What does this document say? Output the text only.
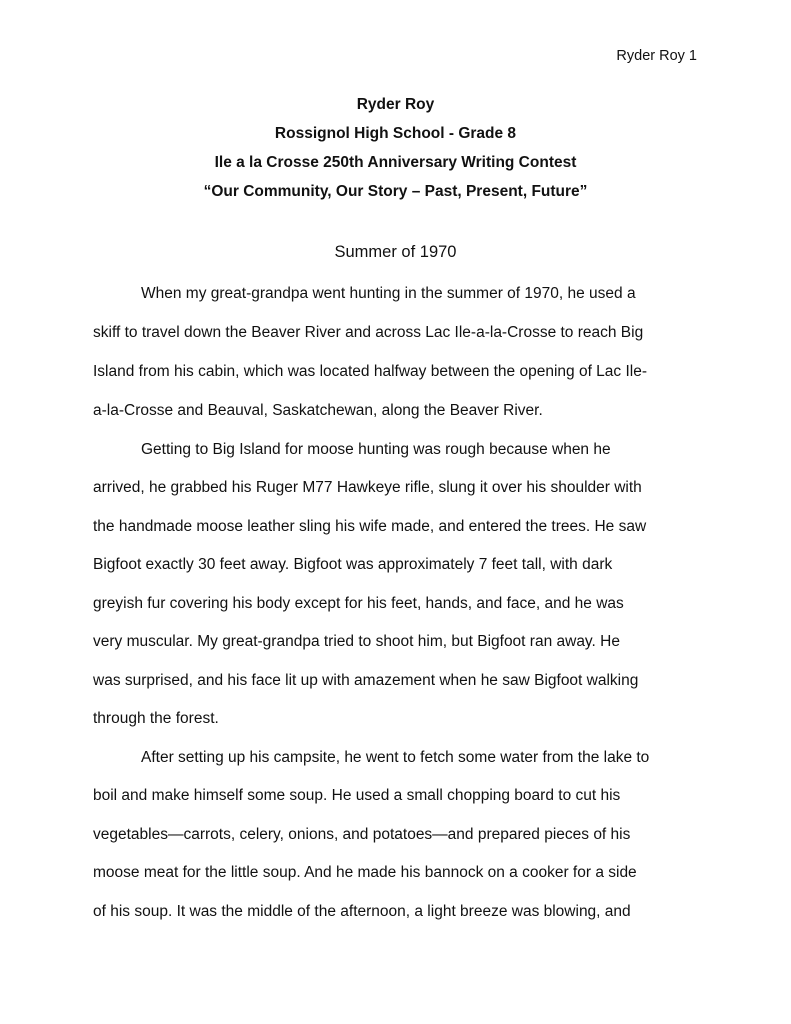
Ryder Roy 1
Ryder Roy
Rossignol High School - Grade 8
Ile a la Crosse 250th Anniversary Writing Contest
“Our Community, Our Story – Past, Present, Future”
Summer of 1970
When my great-grandpa went hunting in the summer of 1970, he used a
skiff to travel down the Beaver River and across Lac Ile-a-la-Crosse to reach Big
Island from his cabin, which was located halfway between the opening of Lac Ile-
a-la-Crosse and Beauval, Saskatchewan, along the Beaver River.
Getting to Big Island for moose hunting was rough because when he
arrived, he grabbed his Ruger M77 Hawkeye rifle, slung it over his shoulder with
the handmade moose leather sling his wife made, and entered the trees. He saw
Bigfoot exactly 30 feet away. Bigfoot was approximately 7 feet tall, with dark
greyish fur covering his body except for his feet, hands, and face, and he was
very muscular. My great-grandpa tried to shoot him, but Bigfoot ran away. He
was surprised, and his face lit up with amazement when he saw Bigfoot walking
through the forest.
After setting up his campsite, he went to fetch some water from the lake to
boil and make himself some soup. He used a small chopping board to cut his
vegetables—carrots, celery, onions, and potatoes—and prepared pieces of his
moose meat for the little soup. And he made his bannock on a cooker for a side
of his soup. It was the middle of the afternoon, a light breeze was blowing, and
